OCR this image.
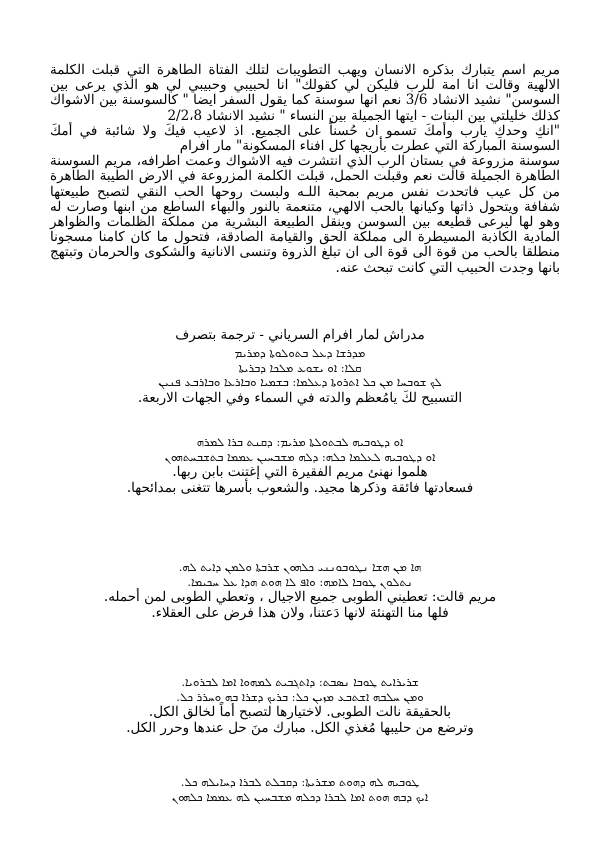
مريم اسم يتبارك بذكره الانسان ويهب التطويبات لتلك الفتاة الطاهرة التي قبلت الكلمة الالهية وقالت انا امة للرب فليكن لي كقولك" انا لحبيبي وحبيبي لي هو الذي يرعى بين السوسن" نشيد الانشاد 3/6 نعم انها سوسنة كما يقول السفر ايضا " كالسوسنة بين الاشواك كذلك خليلتي بين البنات - ايتها الجميلة بين النساء " نشيد الانشاد 2/2،8

"انكِ وحدكِ يارب وأمكَ تسمو ان حُسناً على الجميع. اذ لاعيب فيكَ ولا شائبة في أمكَ السوسنة المباركة التي عطرت بأريجها كل افناء المسكونة" مار افرام

سوسنة مزروعة في بستان الرب الذي انتشرت فيه الاشواك وعمت اطرافه، مريم السوسنة الطاهرة الجميلة قالت نعم وقبلت الحمل، قبلت الكلمة المزروعة في الارض الطيبة الطاهرة من كل عيب فاتحدت نفس مريم بمحبة اللـه ولبست روحها الحب النقي لتصبح طبيعتها شفافة ويتحول ذاتها وكيانها بالحب الالهي، متنعمة بالنور والبهاء الساطع من ابنها وصارت له وهو لها ليرعى قطيعه بين السوسن وينقل الطبيعة البشرية من مملكة الظلمات والظواهر المادية الكاذبة المسيطرة الى مملكة الحق والقيامة الصادقة، فتحول ما كان كامنا مسجونا منطلقا بالحب من قوة الى قوة الى ان تبلغ الذروة وتنسى الانانية والشكوى والحرمان وتبتهج بانها وجدت الحبيب التي كانت تبحث عنه.

مدراش لمار افرام السرياني - ترجمة بتصرف

ܡܕܪܫܐ ܕܥܠ ܒܬܘܠܘܬܐ ܕܡܪܝܡ

ܩܠܐ: ܐܘ ܝܫܘܥ ܡܠܟܐ ܕܒܪܝܬܐ

ܠܟ ܫܘܒܚܐ ܡܢ ܟܠ ܐܬܪܘܬܐ ܕܥܠܡܐ: ܒܫܡܝܐ ܘܒܐܪܥܐ ܘܒܐܪܒܥ ܦܢܝܢ

التسبيح لكَ يامُعظم والدته في السماء وفي الجهات الاربعة.

ܐܘ ܕܛܘܒܝܗ ܠܒܬܘܠܬܐ ܡܪܝܡ: ܕܩܢܬ ܒܪܐ ܠܡܪܗ

ܐܘ ܕܛܘܒܝܗ ܠܥܠܡܐ ܟܠܗ: ܕܠܗ ܡܫܒܚܝܢ ܥܡܡܐ ܒܬܫܒܚܬܗܘܢ

هلموا نهنئ مريم الفقيرة التي إغتنت بابن ربها.

فسعادتها فائقة وذكرها مجيد. والشعوب بأسرها تتغنى بمدائحها.

ܗܐ ܡܢ ܗܫܐ ܢܛܘܒܘܢܢܝ ܟܠܗܘܢ ܫܪܒܬܐ ܘܠܡܢ ܕܐܝܬ ܠܗ.

ܢܬܠܘܢ ܛܘܒܐ ܠܐܡܗ: ܘܐܦ ܠܐ ܗܘܬ ܗܕܐ ܥܠ ܚܟܝܡܐ.

مريم قالت: تعطيني الطوبى جميع الاجيال ، وتعطي الطوبى لمن أحمله.

فلها منا التهنئة لانها دَعتنا، ولان هذا فرض على العقلاء.

ܫܪܝܪܐܝܬ ܛܘܒܐ ܢܣܒܬ: ܕܐܬܓܒܝܬ ܠܡܗܘܐ ܐܡܐ ܠܒܪܘܝܐ.

ܘܡܢ ܚܠܒܗ ܐܫܬܒܥ ܡܙܝܢ ܟܠ: ܒܪܝܟ ܕܫܪܐ ܒܗ ܘܚܪܪ ܟܠ.

بالحقيقة نالت الطوبى. لاختيارها لتصبح أماً لخالق الكل.

وترضع من حليبها مُغذي الكل. مبارك منَ حل عندها وحرر الكل.

ܛܘܒܝܗ ܠܗ ܕܗܘܬ ܡܫܪܝܬܐ: ܕܩܒܠܬ ܠܒܪܐ ܕܚܐܝܠܗ ܟܠ.

ܐܝܟ ܕܒܗ ܗܘܬ ܐܡܐ ܠܒܪܐ ܕܟܠܗ ܡܫܒܚܝܢ ܠܗ ܥܡܡܐ ܟܠܗܘܢ
